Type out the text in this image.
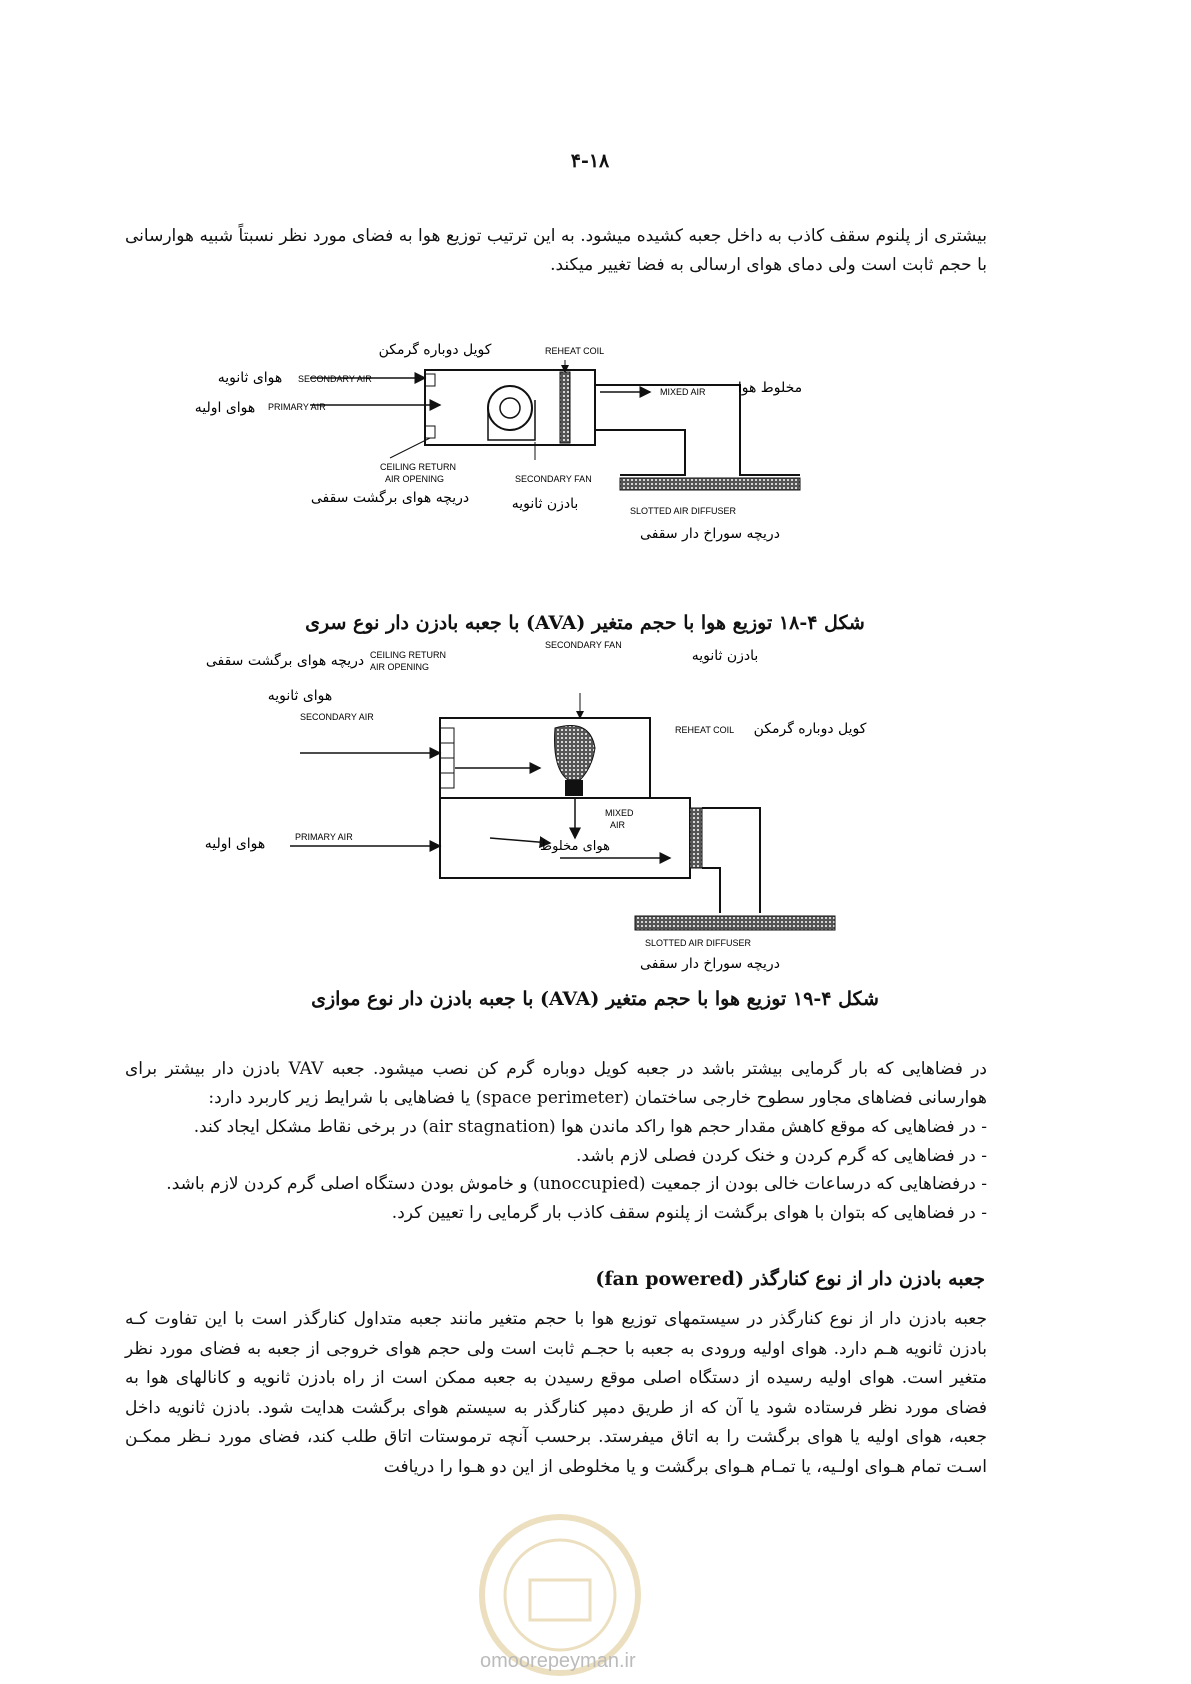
۴-۱۸
بیشتری از پلنوم سقف کاذب به داخل جعبه کشیده میشود. به این ترتیب توزیع هوا به فضای مورد نظر نسبتاً شبیه هوارسانی با حجم ثابت است ولی دمای هوای ارسالی به فضا تغییر میکند.
REHEAT COIL
کویل دوباره گرمکن
SECONDARY AIR
هوای ثانویه
PRIMARY AIR
هوای اولیه
MIXED AIR مخلوط هوا
CEILING RETURN
AIR OPENING
دریچه هوای برگشت سقفی
SECONDARY FAN
بادزن ثانویه	SLOTTED AIR DIFFUSER
دریچه سوراخ دار سقفی
شکل ۴-۱۸ توزیع هوا با حجم متغیر (AVA) با جعبه بادزن دار نوع سری
CEILING RETURN
AIR OPENING
دریچه هوای برگشت سقفی
SECONDARY FAN
بادزن ثانویه
هوای ثانویه
SECONDARY AIR
REHEAT COIL کویل دوباره گرمکن
MIXED
AIR
هوای مخلوط
PRIMARY AIR
هوای اولیه
SLOTTED AIR DIFFUSER
دریچه سوراخ دار سقفی
شکل ۴-۱۹ توزیع هوا با حجم متغیر (AVA) با جعبه بادزن دار نوع موازی
در فضاهایی که بار گرمایی بیشتر باشد در جعبه کویل دوباره گرم کن نصب میشود. جعبه VAV بادزن دار بیشتر برای هوارسانی فضاهای مجاور سطوح خارجی ساختمان (space perimeter) یا فضاهایی با شرایط زیر کاربرد دارد:

- در فضاهایی که موقع کاهش مقدار حجم هوا راکد ماندن هوا (air stagnation) در برخی نقاط مشکل ایجاد کند.

- در فضاهایی که گرم کردن و خنک کردن فصلی لازم باشد.

- درفضاهایی که درساعات خالی بودن از جمعیت (unoccupied) و خاموش بودن دستگاه اصلی گرم کردن لازم باشد.

- در فضاهایی که بتوان با هوای برگشت از پلنوم سقف کاذب بار گرمایی را تعیین کرد.

جعبه بادزن دار از نوع کنارگذر (fan powered)
جعبه بادزن دار از نوع کنارگذر در سیستمهای توزیع هوا با حجم متغیر مانند جعبه متداول کنارگذر است با این تفاوت کـه بادزن ثانویه هـم دارد. هوای اولیه ورودی به جعبه با حجـم ثابت است ولی حجم هوای خروجی از جعبه به فضای مورد نظر متغیر است. هوای اولیه رسیده از دستگاه اصلی موقع رسیدن به جعبه ممکن است از راه بادزن ثانویه و کانالهای هوا به فضای مورد نظر فرستاده شود یا آن که از طریق دمپر کنارگذر به سیستم هوای برگشت هدایت شود. بادزن ثانویه داخل جعبه، هوای اولیه یا هوای برگشت را به اتاق میفرستد. برحسب آنچه ترموستات اتاق طلب کند، فضای مورد نـظر ممکـن اسـت تمام هـوای اولـیه، یا تمـام هـوای برگشت و یا مخلوطی از این دو هـوا را دریافت
omoorepeyman.ir
